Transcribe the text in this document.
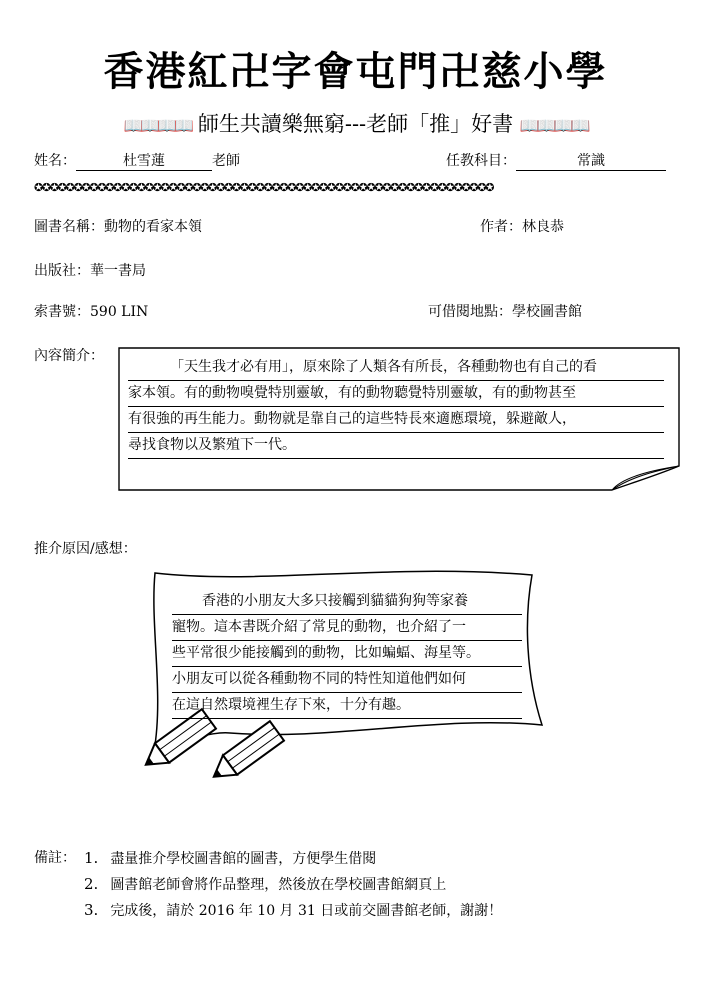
香港紅卍字會屯門卍慈小學
📖📖📖📖 師生共讀樂無窮---老師「推」好書 📖📖📖📖
姓名：	杜雪蓮	老師	任教科目：	常識
✪✪✪✪✪✪✪✪✪✪✪✪✪✪✪✪✪✪✪✪✪✪✪✪✪✪✪✪✪✪✪✪✪✪✪✪✪✪✪✪✪✪✪✪✪✪✪✪✪✪✪✪✪✪✪✪✪✪
圖書名稱：動物的看家本領	作者：林良恭
出版社：華一書局
索書號：590 LIN	可借閱地點：學校圖書館
內容簡介：
「天生我才必有用」，原來除了人類各有所長，各種動物也有自己的看
家本領。有的動物嗅覺特別靈敏，有的動物聽覺特別靈敏，有的動物甚至
有很強的再生能力。動物就是靠自己的這些特長來適應環境，躲避敵人，
尋找食物以及繁殖下一代。
推介原因/感想：
香港的小朋友大多只接觸到貓貓狗狗等家養
寵物。這本書既介紹了常見的動物，也介紹了一
些平常很少能接觸到的動物，比如蝙蝠、海星等。
小朋友可以從各種動物不同的特性知道他們如何
在這自然環境裡生存下來，十分有趣。
備註： 1. 盡量推介學校圖書館的圖書，方便學生借閱
2. 圖書館老師會將作品整理，然後放在學校圖書館網頁上
3. 完成後，請於 2016 年 10 月 31 日或前交圖書館老師，謝謝！
